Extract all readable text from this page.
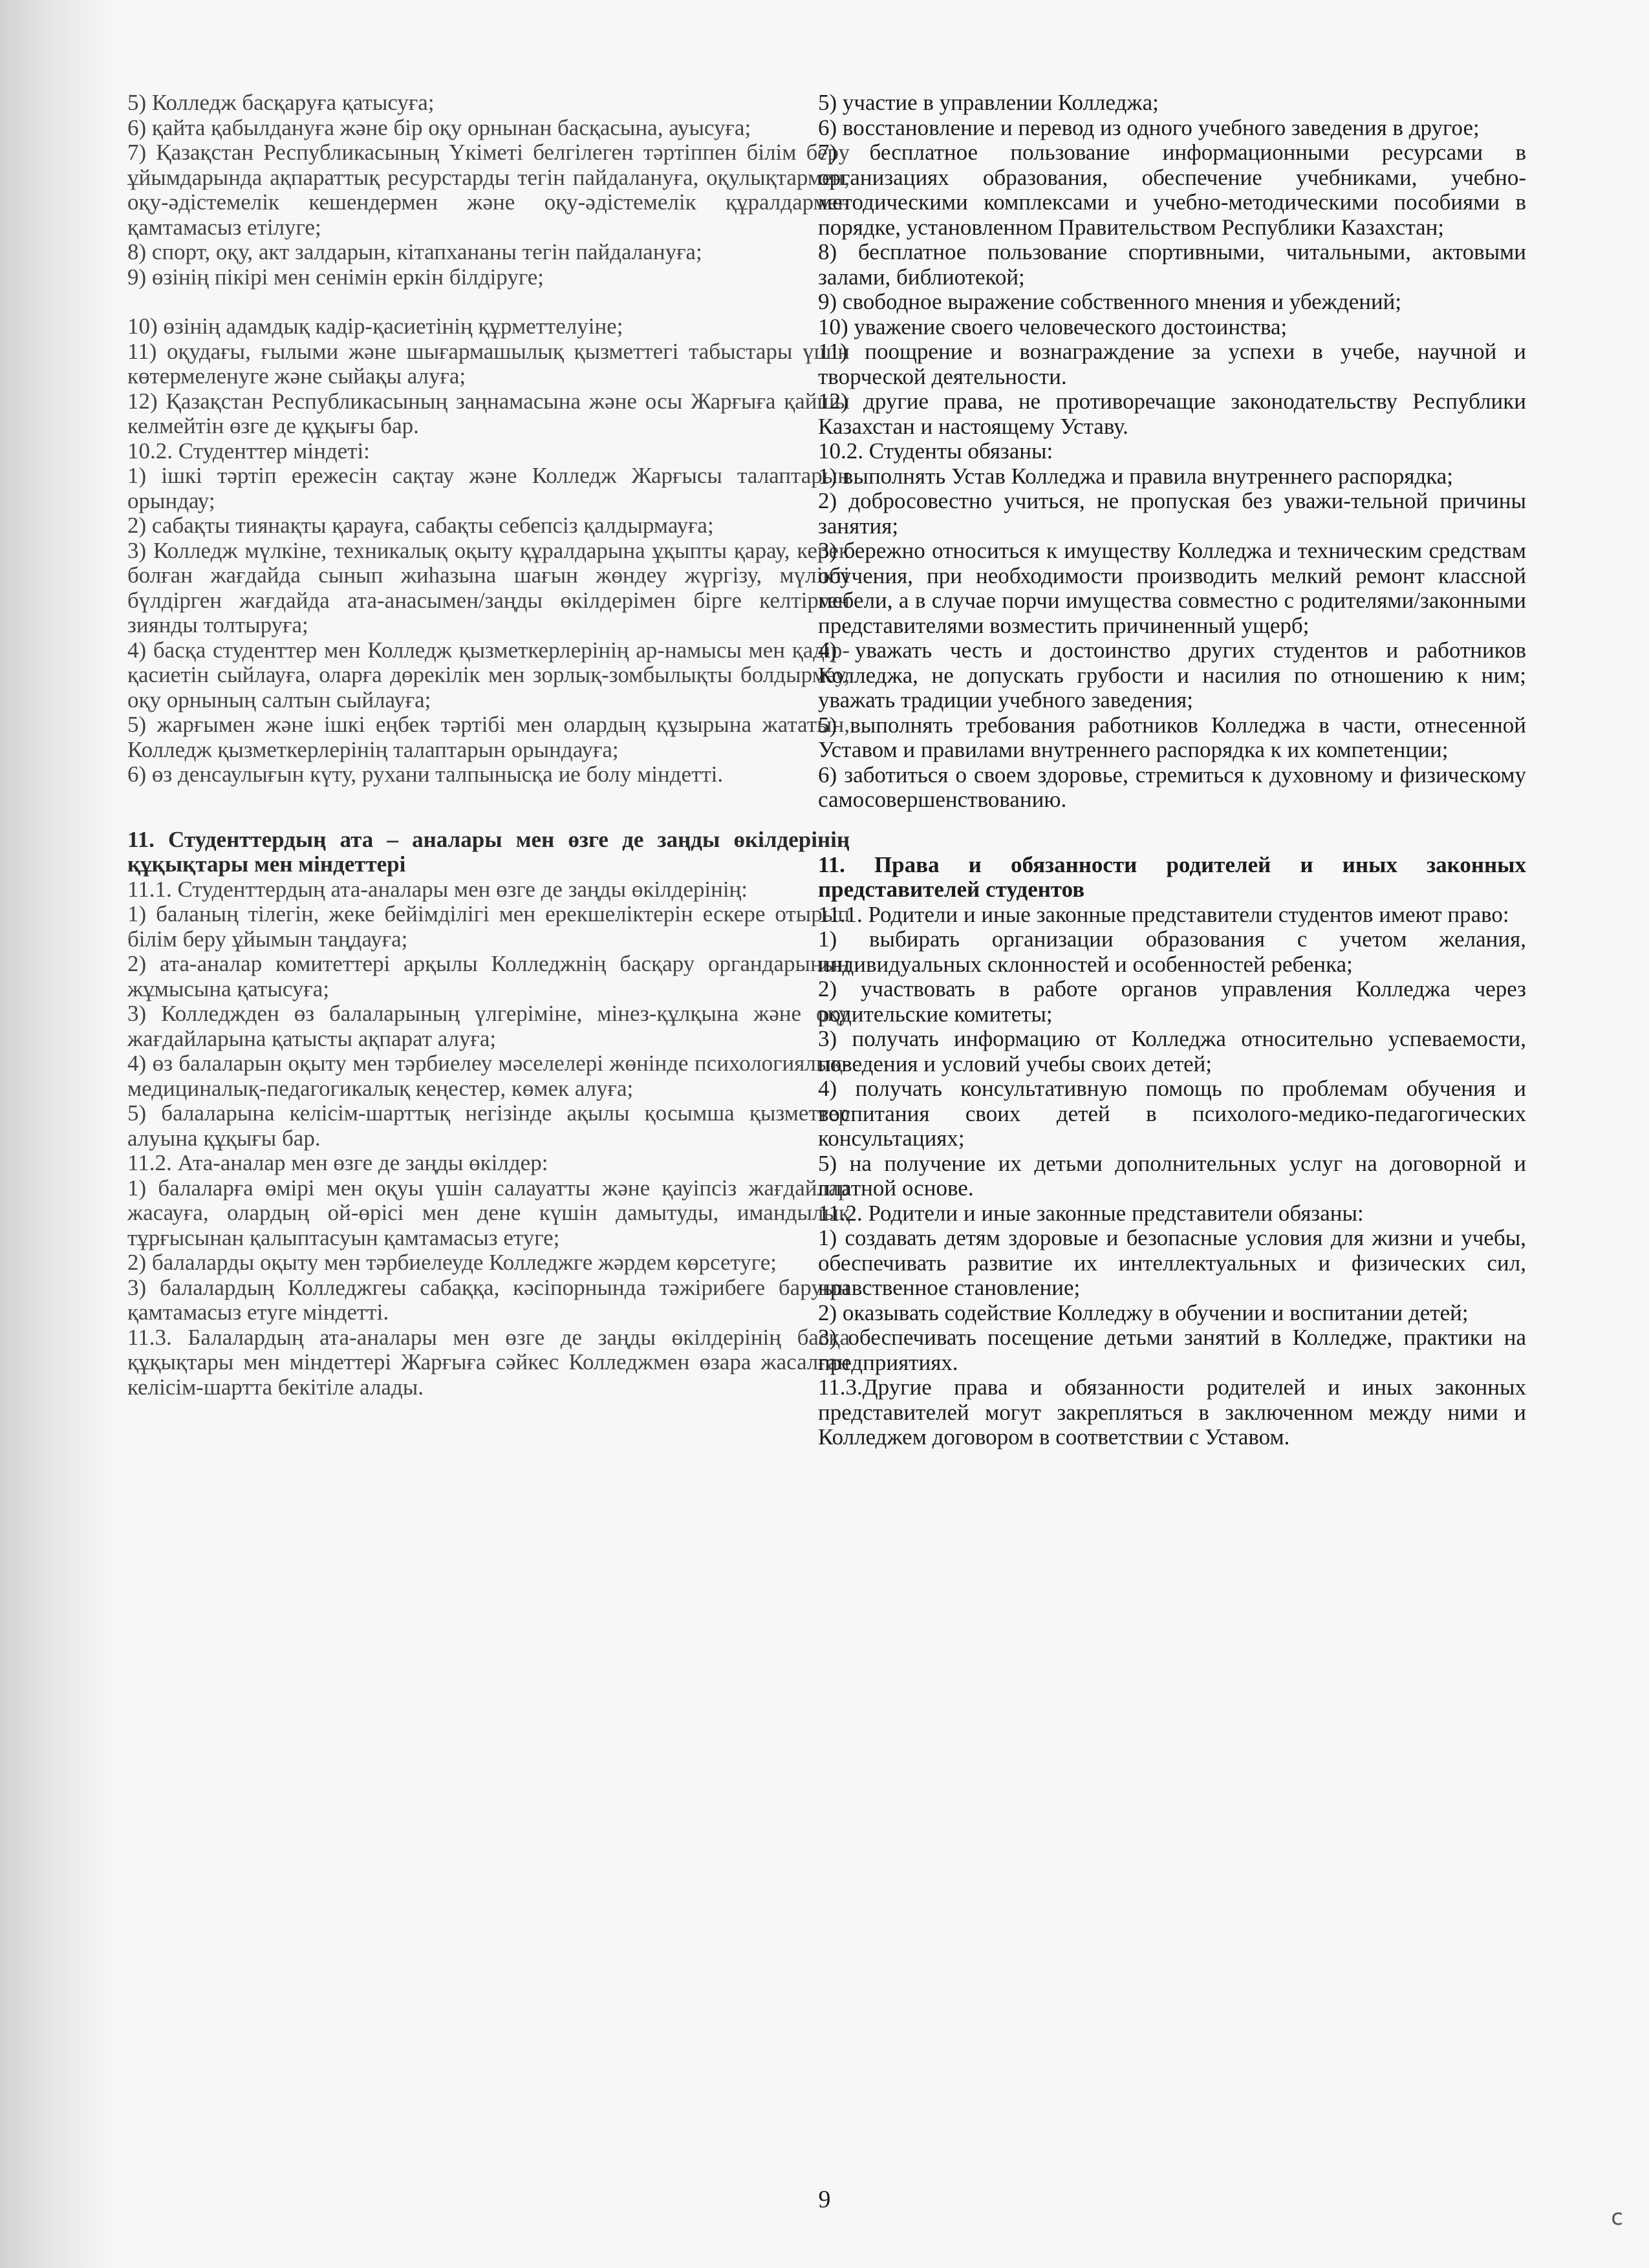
5) Колледж басқаруға қатысуға;

6) қайта қабылдануға және бір оқу орнынан басқасына, ауысуға;

7) Қазақстан Республикасының Үкіметі белгілеген тәртіппен білім беру ұйымдарында ақпараттық ресурстарды тегін пайдалануға, оқулықтармен, оқу-әдістемелік кешендермен және оқу-әдістемелік құралдармен қамтамасыз етілуге;

8) спорт, оқу, акт залдарын, кітапхананы тегін пайдалануға;

9) өзінің пікірі мен сенімін еркін білдіруге;

10) өзінің адамдық кадір-қасиетінің құрметтелуіне;

11) оқудағы, ғылыми және шығармашылық қызметтегі табыстары үшін көтермеленуге және сыйақы алуға;

12) Қазақстан Республикасының заңнамасына және осы Жарғыға қайшы келмейтін өзге де құқығы бар.

10.2. Студенттер міндеті:

1) ішкі тәртіп ережесін сақтау және Колледж Жарғысы талаптарын орындау;

2) сабақты тиянақты қарауға, сабақты себепсіз қалдырмауға;

3) Колледж мүлкіне, техникалық оқыту құралдарына ұқыпты қарау, керек болған жағдайда сынып жиһазына шағын жөндеу жүргізу, мүлікті бүлдірген жағдайда ата-анасымен/заңды өкілдерімен бірге келтірген зиянды толтыруға;

4) басқа студенттер мен Колледж қызметкерлерінің ар-намысы мен қадір-қасиетін сыйлауға, оларға дөрекілік мен зорлық-зомбылықты болдырмау, оқу орнының салтын сыйлауға;

5) жарғымен және ішкі еңбек тәртібі мен олардың құзырына жататын, Колледж қызметкерлерінің талаптарын орындауға;

6) өз денсаулығын күту, рухани талпынысқа ие болу міндетті.

11. Студенттердың ата – аналары мен өзге де заңды өкілдерінің құқықтары мен міндеттері

11.1. Студенттердың ата-аналары мен өзге де заңды өкілдерінің:

1) баланың тілегін, жеке бейімділігі мен ерекшеліктерін ескере отырып білім беру ұйымын таңдауға;

2) ата-аналар комитеттері арқылы Колледжнің басқару органдарының жұмысына қатысуға;

3) Колледжден өз балаларының үлгеріміне, мінез-құлқына және оқу жағдайларына қатысты ақпарат алуға;

4) өз балаларын оқыту мен тәрбиелеу мәселелері жөнінде психологиялық-медициналық-педагогикалық кеңестер, көмек алуға;

5) балаларына келісім-шарттық негізінде ақылы қосымша қызметтер алуына құқығы бар.

11.2. Ата-аналар мен өзге де заңды өкілдер:

1) балаларға өмірі мен оқуы үшін салауатты және қауіпсіз жағдайлар жасауға, олардың ой-өрісі мен дене күшін дамытуды, имандылық тұрғысынан қалыптасуын қамтамасыз етуге;

2) балаларды оқыту мен тәрбиелеуде Колледжге жәрдем көрсетуге;

3) балалардың Колледжгеы сабаққа, кәсіпорнында тәжірибеге баруын қамтамасыз етуге міндетті.

11.3. Балалардың ата-аналары мен өзге де заңды өкілдерінің басқа құқықтары мен міндеттері Жарғыға сәйкес Колледжмен өзара жасалған келісім-шартта бекітіле алады.

5) участие в управлении Колледжа;

6) восстановление и перевод из одного учебного заведения в другое;

7) бесплатное пользование информационными ресурсами в организациях образования, обеспечение учебниками, учебно-методическими комплексами и учебно-методическими пособиями в порядке, установленном Правительством Республики Казахстан;

8) бесплатное пользование спортивными, читальными, актовыми залами, библиотекой;

9) свободное выражение собственного мнения и убеждений;

10) уважение своего человеческого достоинства;

11) поощрение и вознаграждение за успехи в учебе, научной и творческой деятельности.

12) другие права, не противоречащие законодательству Республики Казахстан и настоящему Уставу.

10.2. Студенты обязаны:

1) выполнять Устав Колледжа и правила внутреннего распорядка;

2) добросовестно учиться, не пропуская без уважи-тельной причины занятия;

3) бережно относиться к имуществу Колледжа и техническим средствам обучения, при необходимости производить мелкий ремонт классной мебели, а в случае порчи имущества совместно с родителями/законными представителями возместить причиненный ущерб;

4) уважать честь и достоинство других студентов и работников Колледжа, не допускать грубости и насилия по отношению к ним; уважать традиции учебного заведения;

5) выполнять требования работников Колледжа в части, отнесенной Уставом и правилами внутреннего распорядка к их компетенции;

6) заботиться о своем здоровье, стремиться к духовному и физическому самосовершенствованию.

11. Права и обязанности родителей и иных законных представителей студентов

11.1. Родители и иные законные представители студентов имеют право:

1) выбирать организации образования с учетом желания, индивидуальных склонностей и особенностей ребенка;

2) участвовать в работе органов управления Колледжа через родительские комитеты;

3) получать информацию от Колледжа относительно успеваемости, поведения и условий учебы своих детей;

4) получать консультативную помощь по проблемам обучения и воспитания своих детей в психолого-медико-педагогических консультациях;

5) на получение их детьми дополнительных услуг на договорной и платной основе.

11.2. Родители и иные законные представители обязаны:

1) создавать детям здоровые и безопасные условия для жизни и учебы, обеспечивать развитие их интеллектуальных и физических сил, нравственное становление;

2) оказывать содействие Колледжу в обучении и воспитании детей;

3) обеспечивать посещение детьми занятий в Колледже, практики на предприятиях.

11.3.Другие права и обязанности родителей и иных законных представителей могут закрепляться в заключенном между ними и Колледжем договором в соответствии с Уставом.

9
c
